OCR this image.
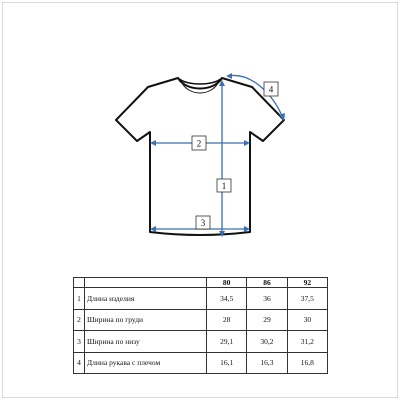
1
2
3
4
		80	86	92
1	Длина изделия	34,5	36	37,5
2	Ширина по груди	28	29	30
3	Ширина по низу	29,1	30,2	31,2
4	Длина рукава с плечом	16,1	16,3	16,8
